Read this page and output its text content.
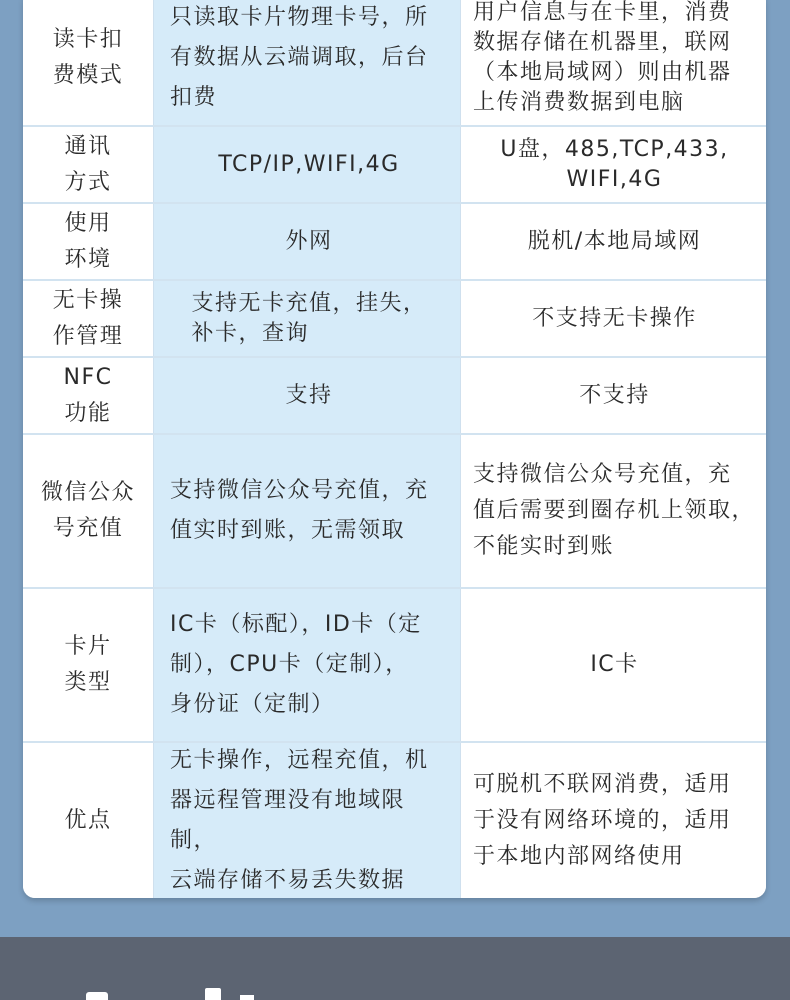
读卡扣
费模式
只读取卡片物理卡号，所
有数据从云端调取，后台
扣费
用户信息与在卡里，消费
数据存储在机器里，联网
（本地局域网）则由机器
上传消费数据到电脑
通讯
方式
TCP/IP,WIFI,4G
U盘，485,TCP,433,
WIFI,4G
使用
环境
外网	脱机/本地局域网
无卡操
作管理
支持无卡充值，挂失，
补卡，查询
不支持无卡操作
NFC
功能
支持	不支持
微信公众
号充值
支持微信公众号充值，充
值实时到账，无需领取
支持微信公众号充值，充
值后需要到圈存机上领取，
不能实时到账
卡片
类型
IC卡（标配），ID卡（定
制），CPU卡（定制），
身份证（定制）
IC卡
优点
无卡操作，远程充值，机
器远程管理没有地域限制，
云端存储不易丢失数据
可脱机不联网消费，适用
于没有网络环境的，适用
于本地内部网络使用
